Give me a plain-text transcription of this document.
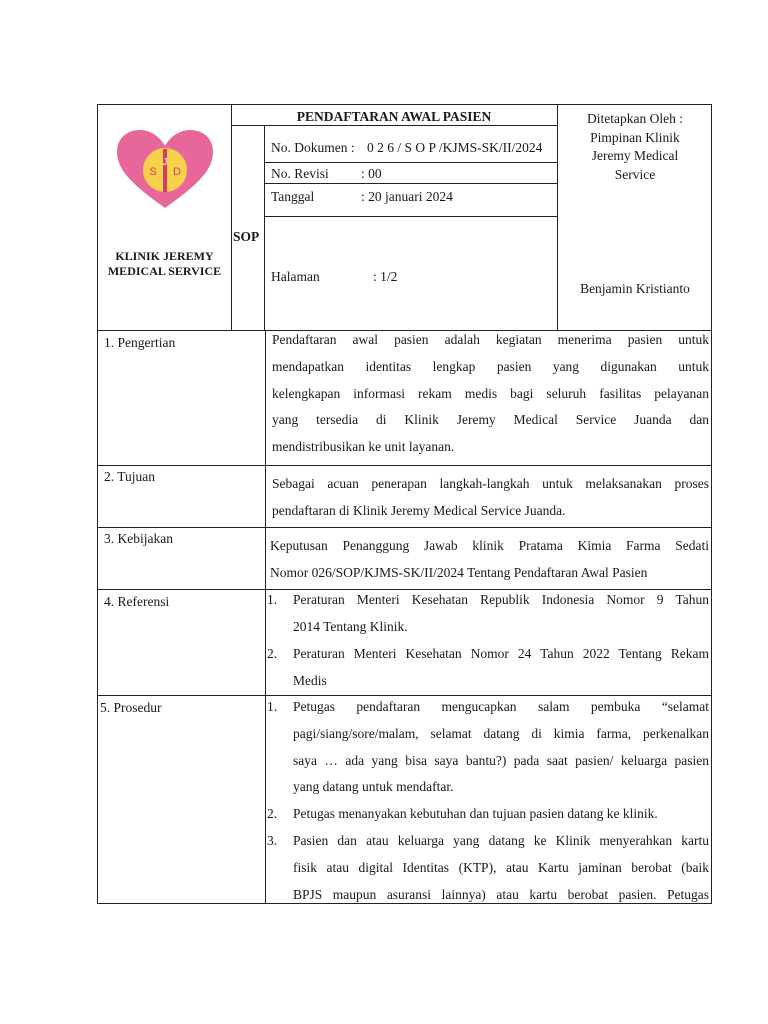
S
J
D
KLINIK JEREMY
MEDICAL SERVICE
SOP
PENDAFTARAN AWAL PASIEN
No. Dokumen : 0 2 6 / S O P /KJMS-SK/II/2024
No. Revisi : 00
Tanggal	: 20 januari 2024
Halaman	: 1/2
Ditetapkan Oleh :
Pimpinan Klinik
Jeremy Medical
Service
Benjamin Kristianto
1. Pengertian	Pendaftaran awal pasien adalah kegiatan menerima pasien untuk
mendapatkan identitas lengkap pasien yang digunakan untuk
kelengkapan informasi rekam medis bagi seluruh fasilitas pelayanan
yang tersedia di Klinik Jeremy Medical Service Juanda dan
mendistribusikan ke unit layanan.
2. Tujuan	Sebagai acuan penerapan langkah-langkah untuk melaksanakan proses
pendaftaran di Klinik Jeremy Medical Service Juanda.
3. Kebijakan	Keputusan Penanggung Jawab klinik Pratama Kimia Farma Sedati
Nomor 026/SOP/KJMS-SK/II/2024 Tentang Pendaftaran Awal Pasien
4. Referensi	1.	Peraturan Menteri Kesehatan Republik Indonesia Nomor 9 Tahun
2014 Tentang Klinik.
2.	Peraturan Menteri Kesehatan Nomor 24 Tahun 2022 Tentang Rekam
Medis
5. Prosedur	1.	Petugas pendaftaran mengucapkan salam pembuka “selamat
pagi/siang/sore/malam, selamat datang di kimia farma, perkenalkan
saya … ada yang bisa saya bantu?) pada saat pasien/ keluarga pasien
yang datang untuk mendaftar.
2.	Petugas menanyakan kebutuhan dan tujuan pasien datang ke klinik.
3.	Pasien dan atau keluarga yang datang ke Klinik menyerahkan kartu
fisik atau digital Identitas (KTP), atau Kartu jaminan berobat (baik
BPJS maupun asuransi lainnya) atau kartu berobat pasien. Petugas
